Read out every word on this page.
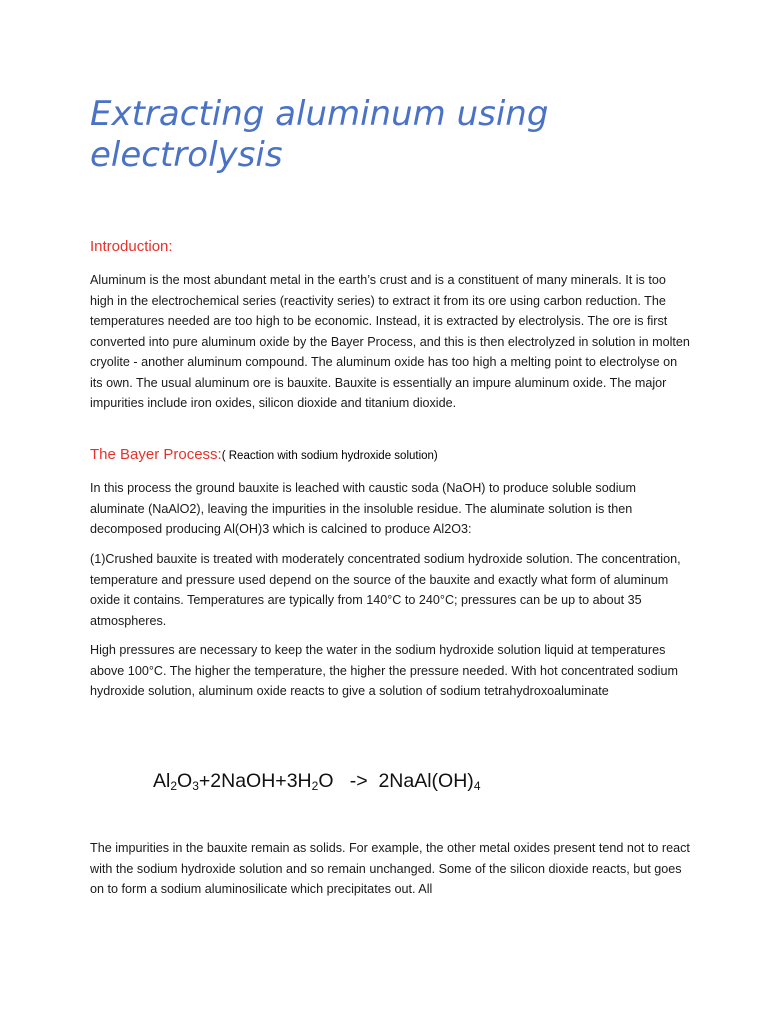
Extracting aluminum using electrolysis
Introduction:

Aluminum is the most abundant metal in the earth’s crust and is a constituent of many minerals. It is too high in the electrochemical series (reactivity series) to extract it from its ore using carbon reduction. The temperatures needed are too high to be economic. Instead, it is extracted by electrolysis. The ore is first converted into pure aluminum oxide by the Bayer Process, and this is then electrolyzed in solution in molten cryolite - another aluminum compound. The aluminum oxide has too high a melting point to electrolyse on its own. The usual aluminum ore is bauxite. Bauxite is essentially an impure aluminum oxide. The major impurities include iron oxides, silicon dioxide and titanium dioxide.

The Bayer Process:( Reaction with sodium hydroxide solution)

In this process the ground bauxite is leached with caustic soda (NaOH) to produce soluble sodium aluminate (NaAlO2), leaving the impurities in the insoluble residue. The aluminate solution is then decomposed producing Al(OH)3 which is calcined to produce Al2O3:

(1)Crushed bauxite is treated with moderately concentrated sodium hydroxide solution. The concentration, temperature and pressure used depend on the source of the bauxite and exactly what form of aluminum oxide it contains. Temperatures are typically from 140°C to 240°C; pressures can be up to about 35 atmospheres.

High pressures are necessary to keep the water in the sodium hydroxide solution liquid at temperatures above 100°C. The higher the temperature, the higher the pressure needed. With hot concentrated sodium hydroxide solution, aluminum oxide reacts to give a solution of sodium tetrahydroxoaluminate

$Al_2O_3+2NaOH+3H_2O$   ->  $2NaAl(OH)_4$

The impurities in the bauxite remain as solids. For example, the other metal oxides present tend not to react with the sodium hydroxide solution and so remain unchanged. Some of the silicon dioxide reacts, but goes on to form a sodium aluminosilicate which precipitates out. All
